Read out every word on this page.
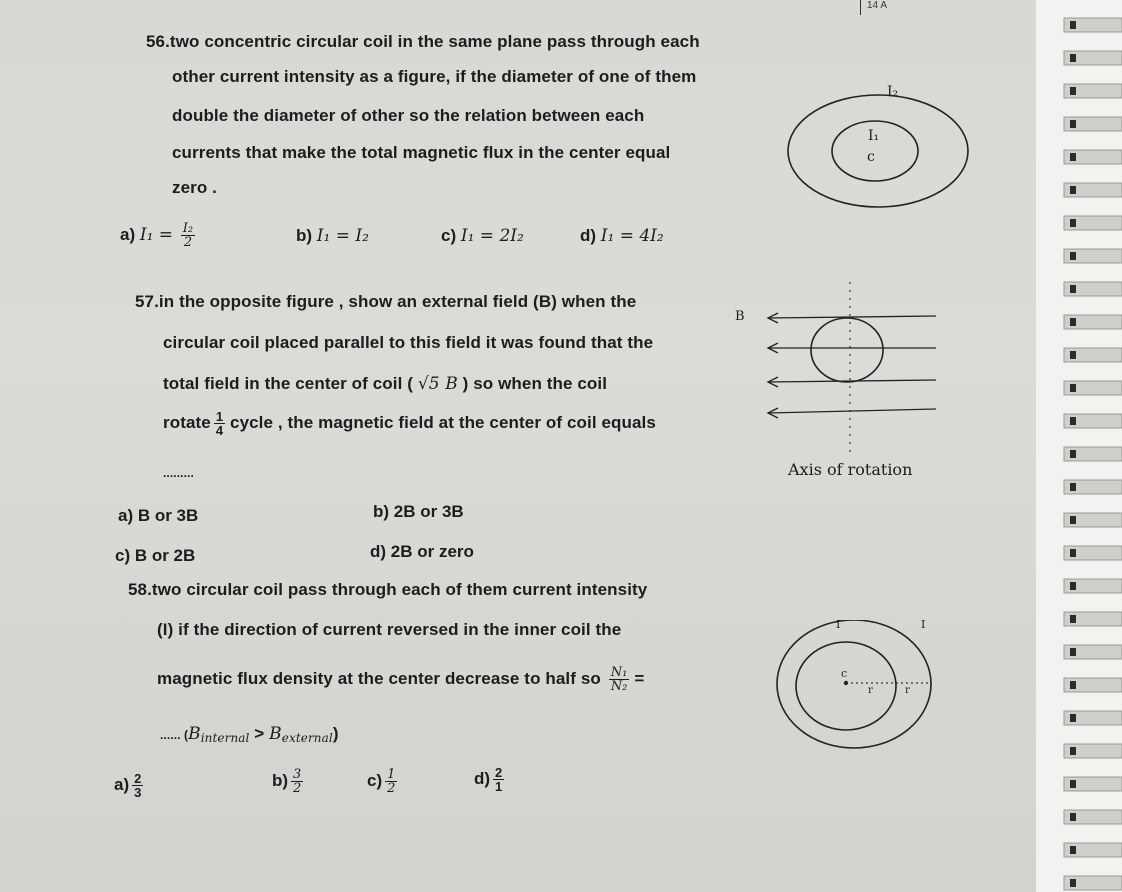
14 A
56.two concentric circular coil in the same plane pass through each
other current intensity as a figure, if the diameter of one of them
double the diameter of other so the relation between each
currents that make the total magnetic flux in the center equal
zero .
a) $I_1 = \frac{\text{I₂}}{2}$	b) I₁ = I₂	c) I₁ = 2I₂	d) I₁ = 4I₂
I₂
I₁
c
57.in the opposite figure , show an external field (B) when the
circular coil placed parallel to this field it was found that the
total field in the center of coil ( √5 B ) so when the coil
rotate $\frac{1}{4}$ cycle , the magnetic field at the center of coil equals
.........
a) B or 3B	b) 2B or 3B
c) B or 2B	d) 2B or zero
B
Axis of rotation
58.two circular coil pass through each of them current intensity
(I) if the direction of current reversed in the inner coil the
magnetic flux density at the center decrease to half so $\frac{\text{N₁}}{\text{N₂}}$ =
...... (Binternal > Bexternal)
$a) \frac{2}{3}$	$b) \frac{3}{2}$	$c) \frac{1}{2}$	$d) \frac{2}{1}$
I	I
c
r	r
